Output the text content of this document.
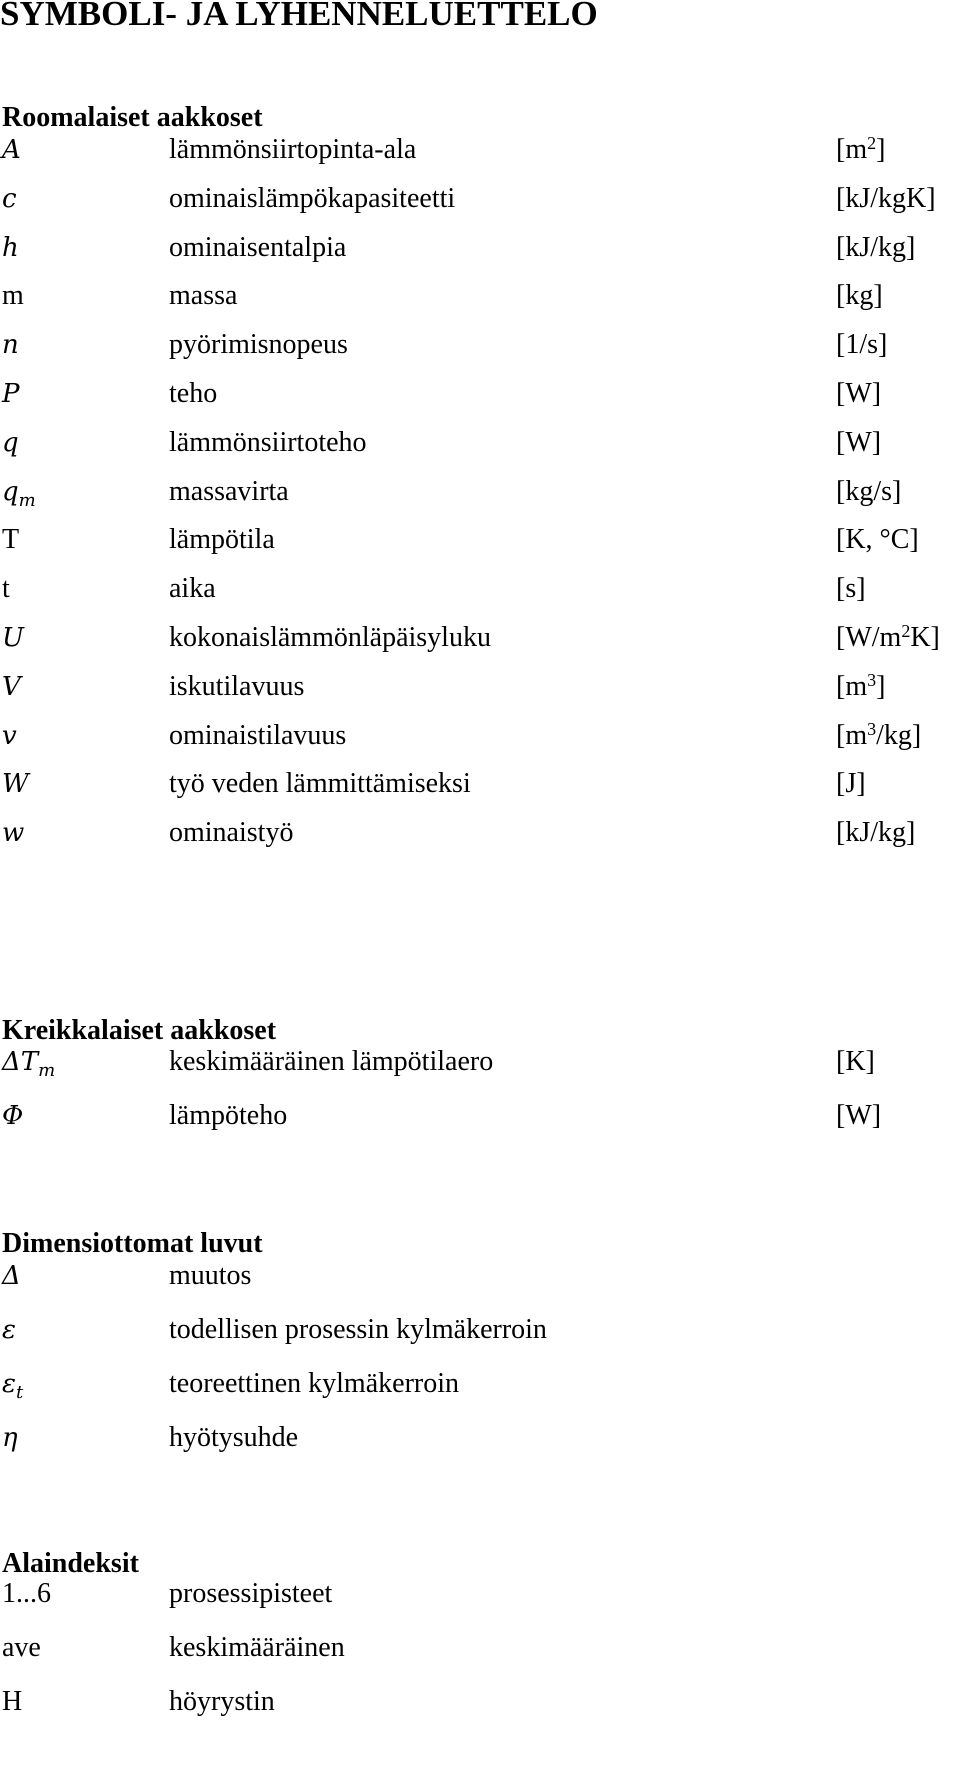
SYMBOLI- JA LYHENNELUETTELO
Roomalaiset aakkoset
A	lämmönsiirtopinta-ala	$[m^2]$
c	ominaislämpökapasiteetti	[kJ/kgK]
h	ominaisentalpia	[kJ/kg]
m	massa	[kg]
n	pyörimisnopeus	[1/s]
P	teho	[W]
q	lämmönsiirtoteho	[W]
$q_m$	massavirta	[kg/s]
T	lämpötila	[K, °C]
t	aika	[s]
U	kokonaislämmönläpäisyluku	$[W/m^2K]$
V	iskutilavuus	$[m^3]$
v	ominaistilavuus	$[m^3/kg]$
W	työ veden lämmittämiseksi	[J]
w	ominaistyö	[kJ/kg]
Kreikkalaiset aakkoset
$\Delta T_m$	keskimääräinen lämpötilaero	[K]
Φ	lämpöteho	[W]
Dimensiottomat luvut
Δ	muutos
ε	todellisen prosessin kylmäkerroin
$\varepsilon_t$	teoreettinen kylmäkerroin
η	hyötysuhde
Alaindeksit
1...6	prosessipisteet
ave	keskimääräinen
H	höyrystin
